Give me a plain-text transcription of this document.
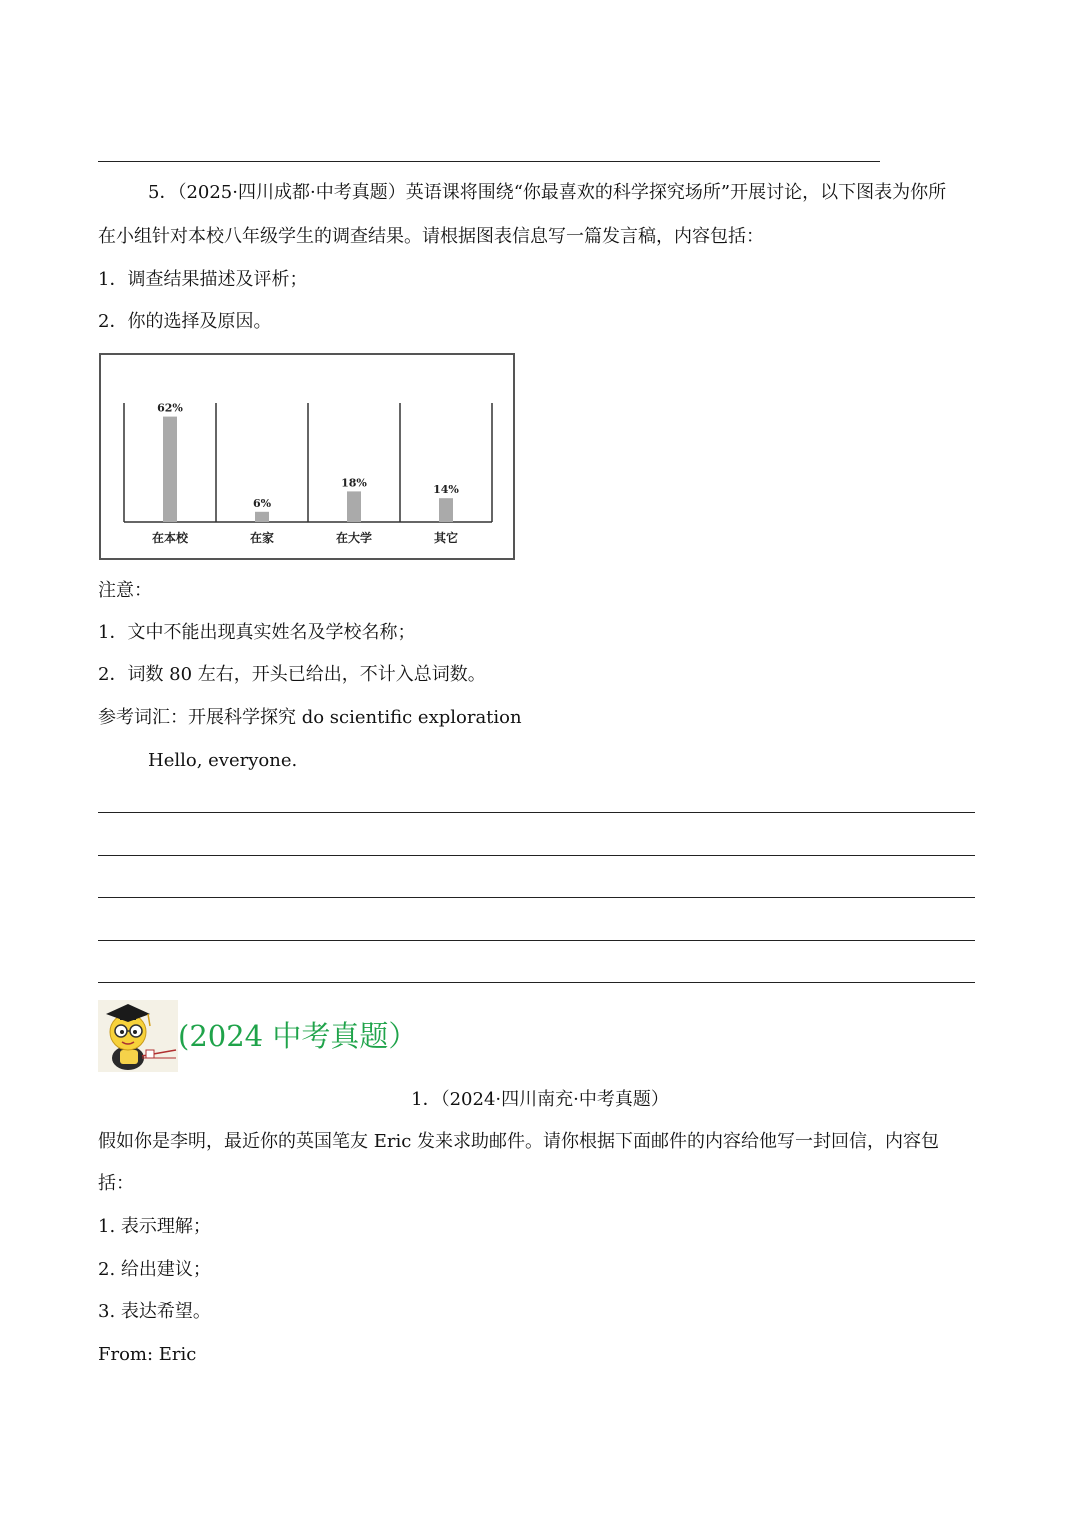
5．（2025·四川成都·中考真题）英语课将围绕“你最喜欢的科学探究场所”开展讨论，以下图表为你所
在小组针对本校八年级学生的调查结果。请根据图表信息写一篇发言稿，内容包括：
1．调查结果描述及评析；
2．你的选择及原因。
62%
在本校
6%
在家
18%
在大学
14%
其它
注意：
1．文中不能出现真实姓名及学校名称；
2．词数 80 左右，开头已给出，不计入总词数。
参考词汇：开展科学探究 do scientific exploration
Hello, everyone.
(2024 中考真题）
1．（2024·四川南充·中考真题）
假如你是李明，最近你的英国笔友 Eric 发来求助邮件。请你根据下面邮件的内容给他写一封回信，内容包
括：
1. 表示理解；
2. 给出建议；
3. 表达希望。
From: Eric
